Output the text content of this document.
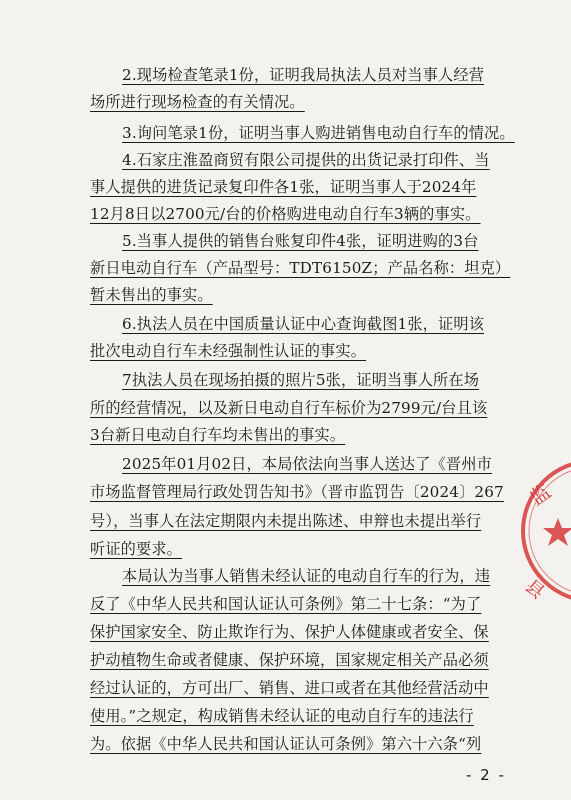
2.现场检查笔录1份，证明我局执法人员对当事人经营
场所进行现场检查的有关情况。
3.询问笔录1份，证明当事人购进销售电动自行车的情况。
4.石家庄淮盈商贸有限公司提供的出货记录打印件、当
事人提供的进货记录复印件各1张，证明当事人于2024年
12月8日以2700元/台的价格购进电动自行车3辆的事实。
5.当事人提供的销售台账复印件4张，证明进购的3台
新日电动自行车（产品型号：TDT6150Z；产品名称：坦克）
暂未售出的事实。
6.执法人员在中国质量认证中心查询截图1张，证明该
批次电动自行车未经强制性认证的事实。
7执法人员在现场拍摄的照片5张，证明当事人所在场
所的经营情况，以及新日电动自行车标价为2799元/台且该
3台新日电动自行车均未售出的事实。
2025年01月02日，本局依法向当事人送达了《晋州市
市场监督管理局行政处罚告知书》（晋市监罚告〔2024〕267
号），当事人在法定期限内未提出陈述、申辩也未提出举行
听证的要求。
本局认为当事人销售未经认证的电动自行车的行为，违
反了《中华人民共和国认证认可条例》第二十七条：“为了
保护国家安全、防止欺诈行为、保护人体健康或者安全、保
护动植物生命或者健康、保护环境，国家规定相关产品必须
经过认证的，方可出厂、销售、进口或者在其他经营活动中
使用。”之规定，构成销售未经认证的电动自行车的违法行
为。依据《中华人民共和国认证认可条例》第六十六条“列
- 2 -
监
县
